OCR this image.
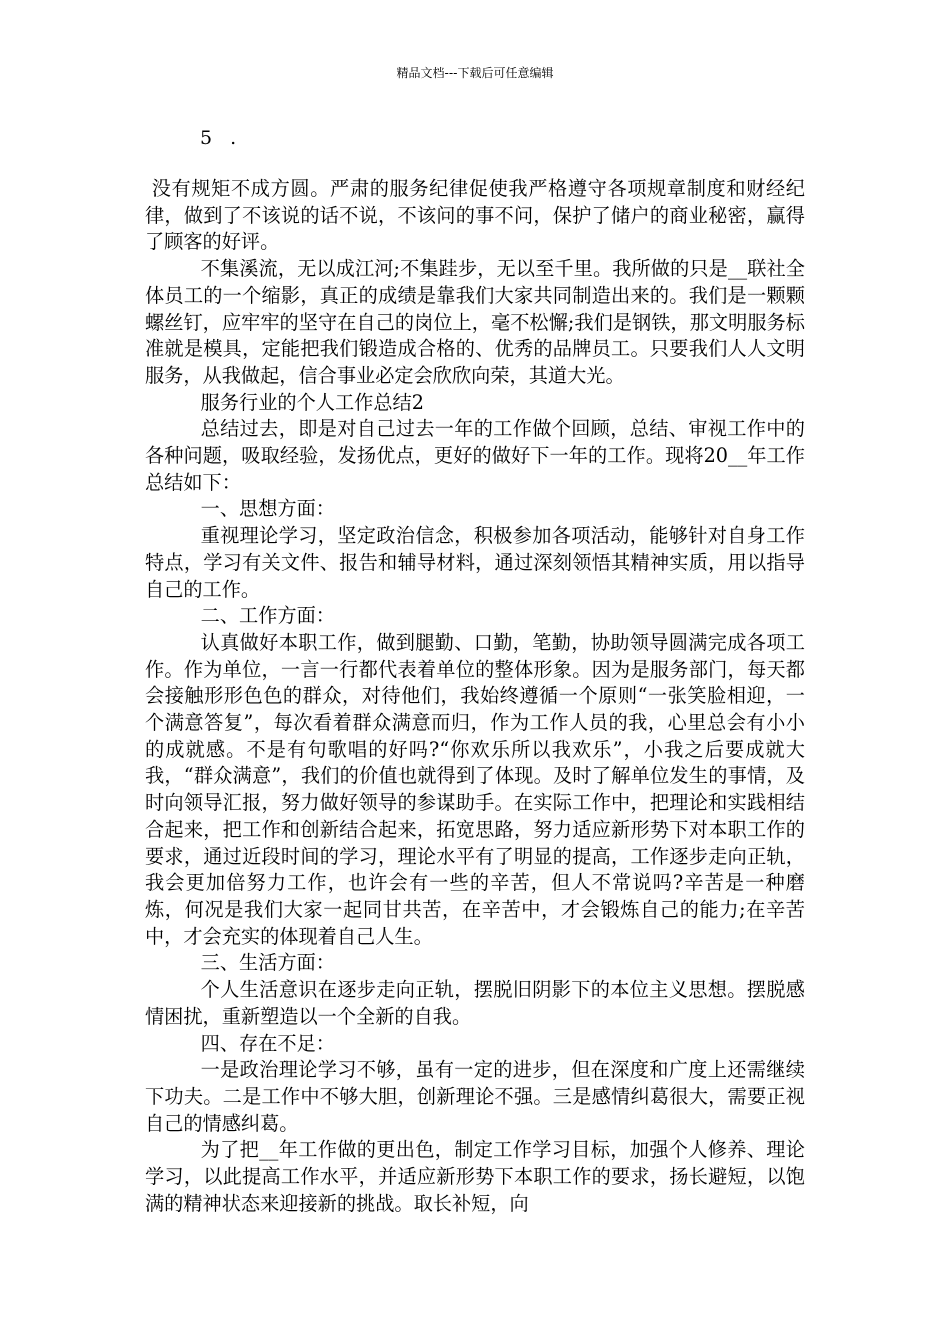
精品文档---下载后可任意编辑
5 .

没有规矩不成方圆。严肃的服务纪律促使我严格遵守各项规章制度和财经纪律，做到了不该说的话不说，不该问的事不问，保护了储户的商业秘密，赢得了顾客的好评。

不集溪流，无以成江河;不集跬步，无以至千里。我所做的只是__联社全体员工的一个缩影，真正的成绩是靠我们大家共同制造出来的。我们是一颗颗螺丝钉，应牢牢的坚守在自己的岗位上，毫不松懈;我们是钢铁，那文明服务标准就是模具，定能把我们锻造成合格的、优秀的品牌员工。只要我们人人文明服务，从我做起，信合事业必定会欣欣向荣，其道大光。

服务行业的个人工作总结2

总结过去，即是对自己过去一年的工作做个回顾，总结、审视工作中的各种问题，吸取经验，发扬优点，更好的做好下一年的工作。现将20__年工作总结如下：

一、思想方面：

重视理论学习，坚定政治信念，积极参加各项活动，能够针对自身工作特点，学习有关文件、报告和辅导材料，通过深刻领悟其精神实质，用以指导自己的工作。

二、工作方面：

认真做好本职工作，做到腿勤、口勤，笔勤，协助领导圆满完成各项工作。作为单位，一言一行都代表着单位的整体形象。因为是服务部门，每天都会接触形形色色的群众，对待他们，我始终遵循一个原则“一张笑脸相迎，一个满意答复”，每次看着群众满意而归，作为工作人员的我，心里总会有小小的成就感。不是有句歌唱的好吗?“你欢乐所以我欢乐”，小我之后要成就大我，“群众满意”，我们的价值也就得到了体现。及时了解单位发生的事情，及时向领导汇报，努力做好领导的参谋助手。在实际工作中，把理论和实践相结合起来，把工作和创新结合起来，拓宽思路，努力适应新形势下对本职工作的要求，通过近段时间的学习，理论水平有了明显的提高，工作逐步走向正轨，我会更加倍努力工作，也许会有一些的辛苦，但人不常说吗?辛苦是一种磨炼，何况是我们大家一起同甘共苦，在辛苦中，才会锻炼自己的能力;在辛苦中，才会充实的体现着自己人生。

三、生活方面：

个人生活意识在逐步走向正轨，摆脱旧阴影下的本位主义思想。摆脱感情困扰，重新塑造以一个全新的自我。

四、存在不足：

一是政治理论学习不够，虽有一定的进步，但在深度和广度上还需继续下功夫。二是工作中不够大胆，创新理论不强。三是感情纠葛很大，需要正视自己的情感纠葛。

为了把__年工作做的更出色，制定工作学习目标，加强个人修养、理论学习，以此提高工作水平，并适应新形势下本职工作的要求，扬长避短，以饱满的精神状态来迎接新的挑战。取长补短，向
